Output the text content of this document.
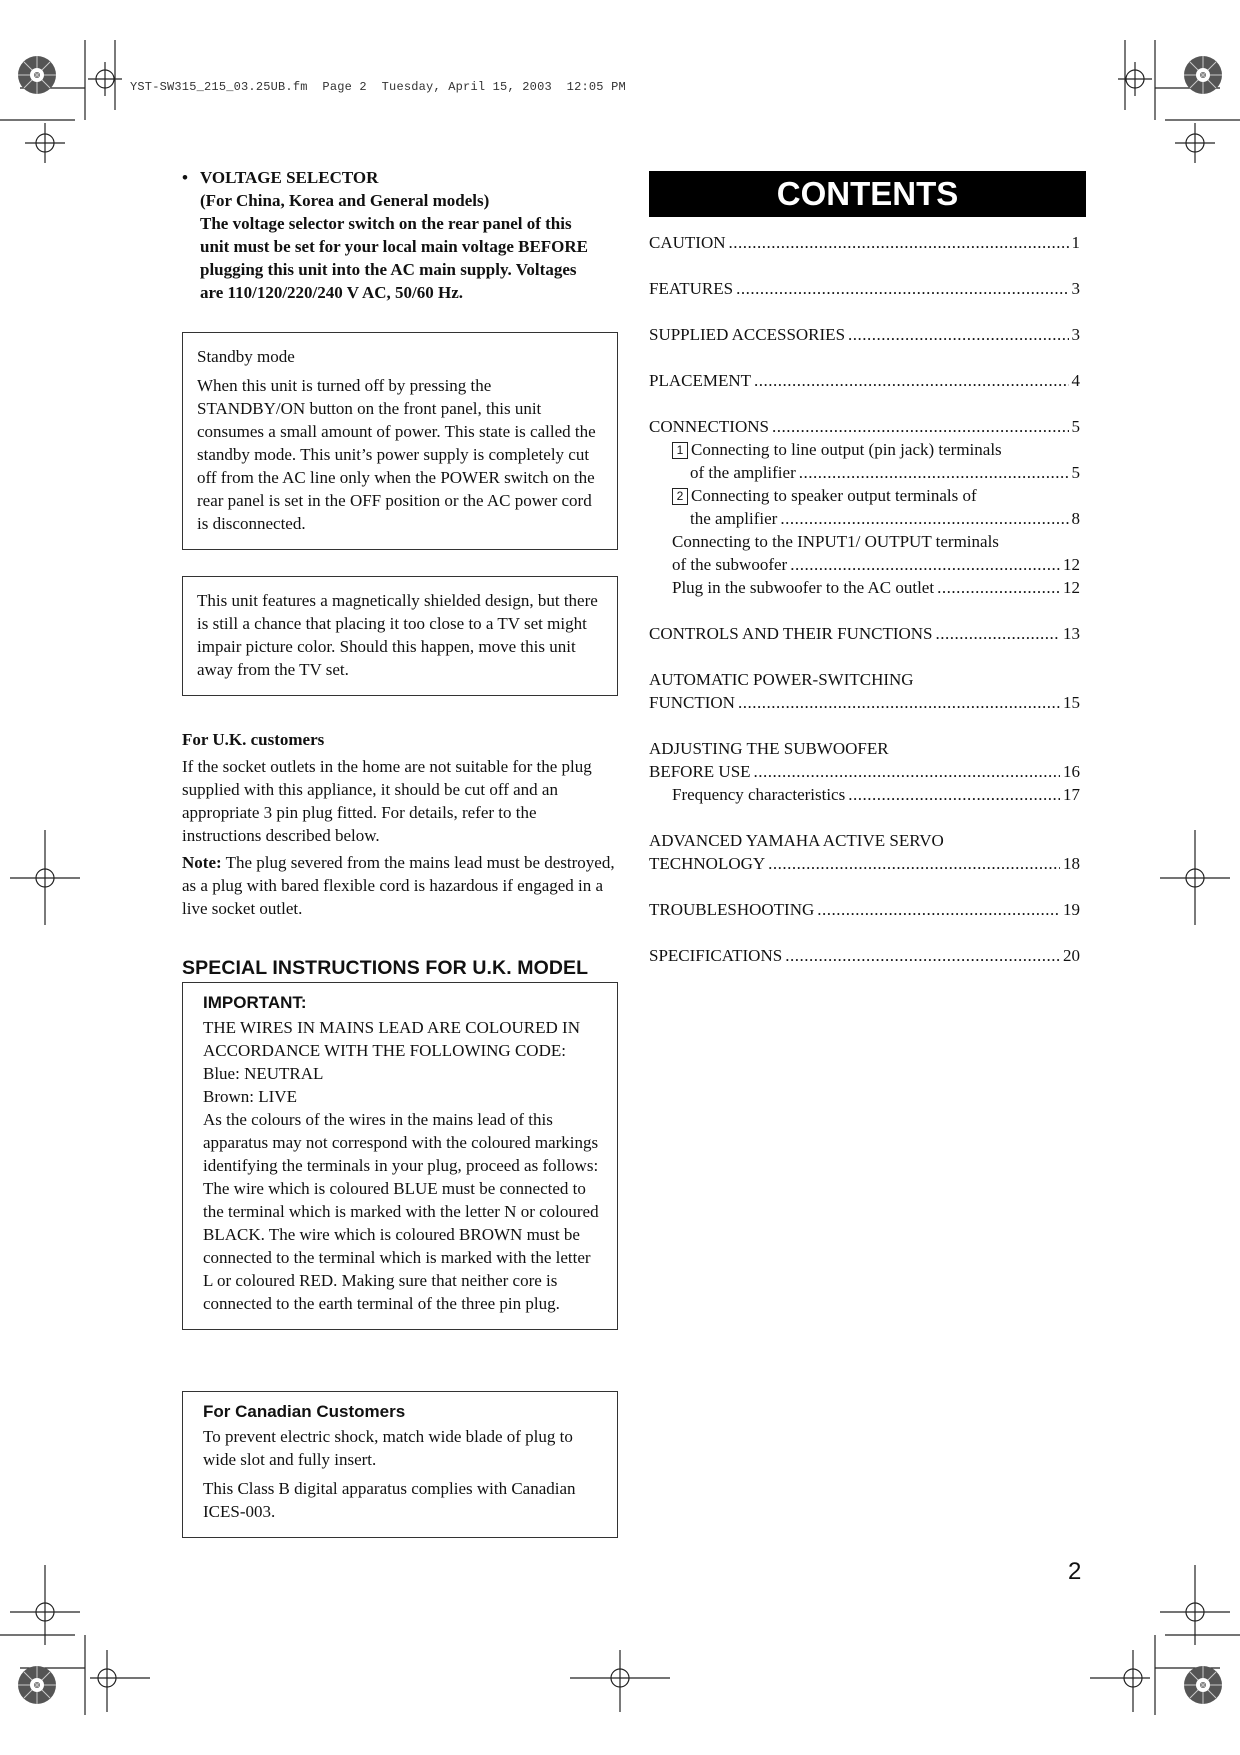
YST-SW315_215_03.25UB.fm  Page 2  Tuesday, April 15, 2003  12:05 PM
• VOLTAGE SELECTOR
(For China, Korea and General models)
The voltage selector switch on the rear panel of this
unit must be set for your local main voltage BEFORE
plugging this unit into the AC main supply. Voltages
are 110/120/220/240 V AC, 50/60 Hz.

Standby mode

When this unit is turned off by pressing the STANDBY/ON button on the front panel, this unit consumes a small amount of power. This state is called the standby mode. This unit’s power supply is completely cut off from the AC line only when the POWER switch on the rear panel is set in the OFF position or the AC power cord is disconnected.

This unit features a magnetically shielded design, but there is still a chance that placing it too close to a TV set might impair picture color. Should this happen, move this unit away from the TV set.

For U.K. customers

If the socket outlets in the home are not suitable for the plug supplied with this appliance, it should be cut off and an appropriate 3 pin plug fitted. For details, refer to the instructions described below.

Note: The plug severed from the mains lead must be destroyed, as a plug with bared flexible cord is hazardous if engaged in a live socket outlet.

SPECIAL INSTRUCTIONS FOR U.K. MODEL
IMPORTANT:
THE WIRES IN MAINS LEAD ARE COLOURED IN ACCORDANCE WITH THE FOLLOWING CODE:
Blue: NEUTRAL
Brown: LIVE
As the colours of the wires in the mains lead of this apparatus may not correspond with the coloured markings identifying the terminals in your plug, proceed as follows: The wire which is coloured BLUE must be connected to the terminal which is marked with the letter N or coloured BLACK. The wire which is coloured BROWN must be connected to the terminal which is marked with the letter L or coloured RED. Making sure that neither core is connected to the earth terminal of the three pin plug.
For Canadian Customers

To prevent electric shock, match wide blade of plug to wide slot and fully insert.

This Class B digital apparatus complies with Canadian ICES-003.

CONTENTS
CAUTION .....	1
FEATURES .....	3
SUPPLIED ACCESSORIES .....	3
PLACEMENT .....	4
CONNECTIONS .....	5
1 Connecting to line output (pin jack) terminals
of the amplifier .....	5
2 Connecting to speaker output terminals of
the amplifier .....	8
Connecting to the INPUT1/ OUTPUT terminals
of the subwoofer .....	12
Plug in the subwoofer to the AC outlet .....	12
CONTROLS AND THEIR FUNCTIONS .....	13
AUTOMATIC POWER-SWITCHING
FUNCTION .....	15
ADJUSTING THE SUBWOOFER
BEFORE USE .....	16
Frequency characteristics .....	17
ADVANCED YAMAHA ACTIVE SERVO
TECHNOLOGY .....	18
TROUBLESHOOTING .....	19
SPECIFICATIONS .....	20
2
